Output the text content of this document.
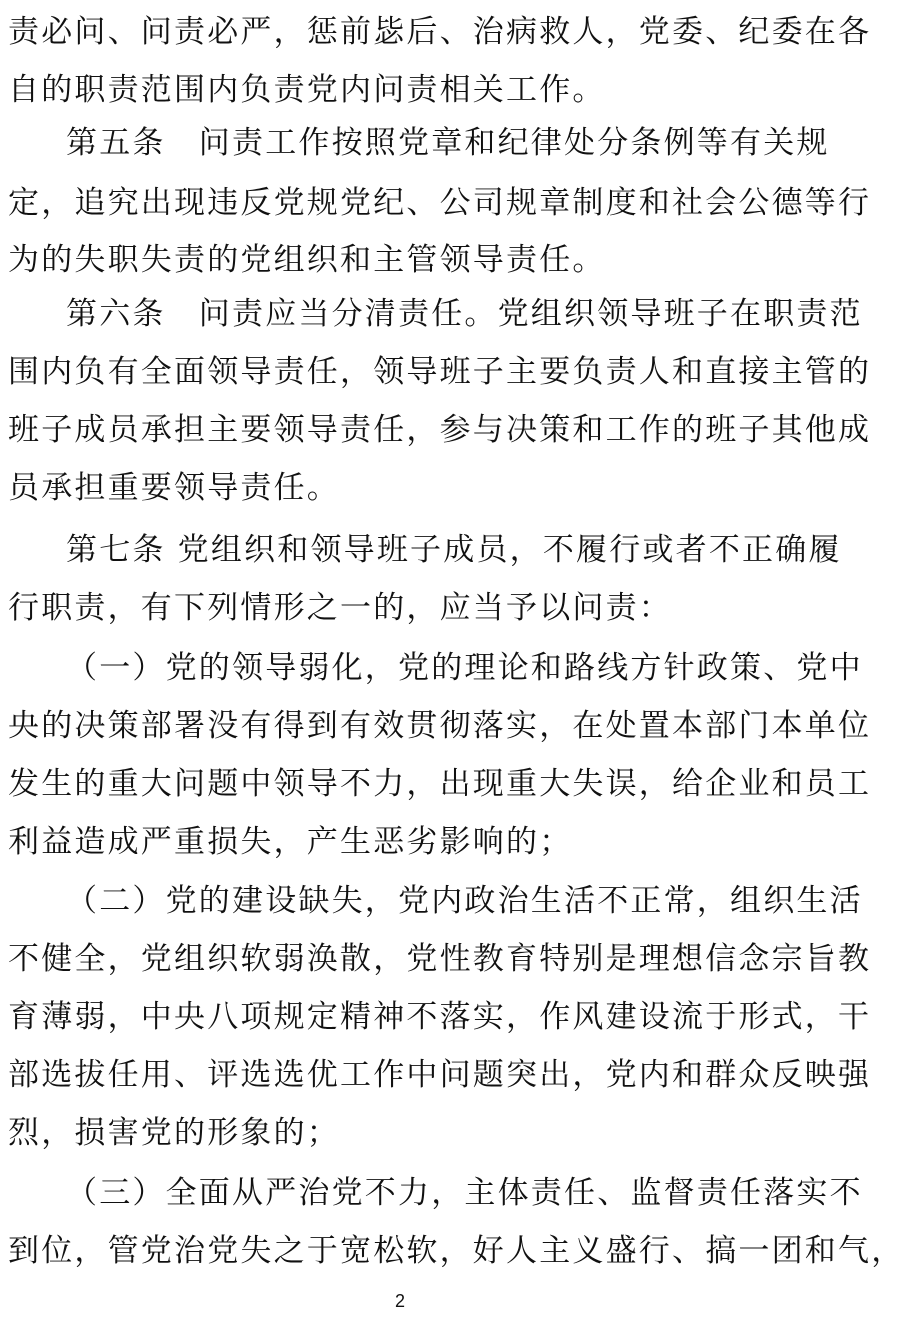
责必问、问责必严，惩前毖后、治病救人，党委、纪委在各
自的职责范围内负责党内问责相关工作。
第五条　问责工作按照党章和纪律处分条例等有关规
定，追究出现违反党规党纪、公司规章制度和社会公德等行
为的失职失责的党组织和主管领导责任。
第六条　问责应当分清责任。党组织领导班子在职责范
围内负有全面领导责任，领导班子主要负责人和直接主管的
班子成员承担主要领导责任，参与决策和工作的班子其他成
员承担重要领导责任。
第七条 党组织和领导班子成员，不履行或者不正确履
行职责，有下列情形之一的，应当予以问责：
（一）党的领导弱化，党的理论和路线方针政策、党中
央的决策部署没有得到有效贯彻落实，在处置本部门本单位
发生的重大问题中领导不力，出现重大失误，给企业和员工
利益造成严重损失，产生恶劣影响的；
（二）党的建设缺失，党内政治生活不正常，组织生活
不健全，党组织软弱涣散，党性教育特别是理想信念宗旨教
育薄弱，中央八项规定精神不落实，作风建设流于形式，干
部选拔任用、评选选优工作中问题突出，党内和群众反映强
烈，损害党的形象的；
（三）全面从严治党不力，主体责任、监督责任落实不
到位，管党治党失之于宽松软，好人主义盛行、搞一团和气，
2
